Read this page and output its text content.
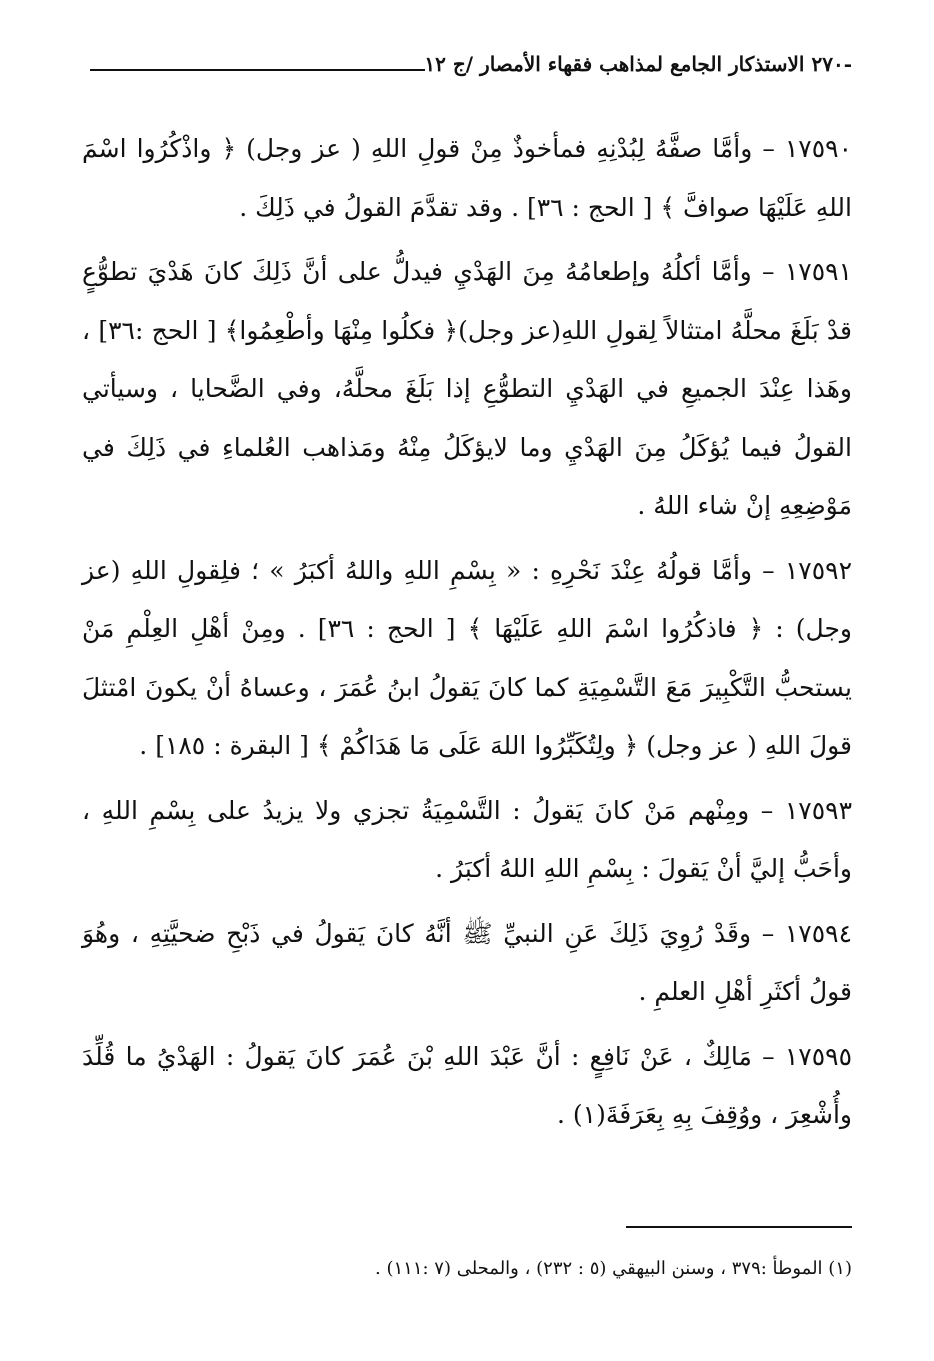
-٢٧٠ الاستذكار الجامع لمذاهب فقهاء الأمصار /ج ١٢

١٧٥٩٠ – وأمَّا صفَّهُ لِبُدْنِهِ فمأخوذٌ مِنْ قولِ اللهِ ( عز وجل) ﴿ واذْكُرُوا اسْمَ اللهِ عَلَيْهَا صوافَّ ﴾ [ الحج : ٣٦] . وقد تقدَّمَ القولُ في ذَلِكَ .

١٧٥٩١ – وأمَّا أكلُهُ وإطعامُهُ مِنَ الهَدْيِ فيدلُّ على أنَّ ذَلِكَ كانَ هَدْيَ تطوُّعٍ قدْ بَلَغَ محلَّهُ امتثالاً لِقولِ اللهِ(عز وجل)﴿ فكلُوا مِنْهَا وأطْعِمُوا﴾ [ الحج :٣٦] ، وهَذا عِنْدَ الجميعِ في الهَدْيِ التطوُّعِ إذا بَلَغَ محلَّهُ، وفي الضَّحايا ، وسيأتي القولُ فيما يُؤكَلُ مِنَ الهَدْيِ وما لايؤكَلُ مِنْهُ ومَذاهب العُلماءِ في ذَلِكَ في مَوْضِعِهِ إنْ شاء اللهُ .

١٧٥٩٢ – وأمَّا قولُهُ عِنْدَ نَحْرِهِ : « بِسْمِ اللهِ واللهُ أكبَرُ » ؛ فلِقولِ اللهِ (عز وجل) : ﴿ فاذكُرُوا اسْمَ اللهِ عَلَيْهَا ﴾ [ الحج : ٣٦] . ومِنْ أهْلِ العِلْمِ مَنْ يستحبُّ التَّكْبِيرَ مَعَ التَّسْمِيَةِ كما كانَ يَقولُ ابنُ عُمَرَ ، وعساهُ أنْ يكونَ امْتثلَ قولَ اللهِ ( عز وجل) ﴿ ولِتُكَبِّرُوا اللهَ عَلَى مَا هَدَاكُمْ ﴾ [ البقرة : ١٨٥] .

١٧٥٩٣ – ومِنْهم مَنْ كانَ يَقولُ : التَّسْمِيَةُ تجزي ولا يزيدُ على بِسْمِ اللهِ ، وأحَبُّ إليَّ أنْ يَقولَ : بِسْمِ اللهِ اللهُ أكبَرُ .

١٧٥٩٤ – وقَدْ رُوِيَ ذَلِكَ عَنِ النبيِّ ﷺ أنَّهُ كانَ يَقولُ في ذَبْحِ ضحيَّتِهِ ، وهُوَ قولُ أكثَرِ أهْلِ العلمِ .

١٧٥٩٥ – مَالِكٌ ، عَنْ نَافِعٍ : أنَّ عَبْدَ اللهِ بْنَ عُمَرَ كانَ يَقولُ : الهَدْيُ ما قُلِّدَ وأُشْعِرَ ، ووُقِفَ بِهِ بِعَرَفَةَ(١) .

(١) الموطأ :٣٧٩ ، وسنن البيهقي (٥ : ٢٣٢) ، والمحلى (٧ :١١١) .
